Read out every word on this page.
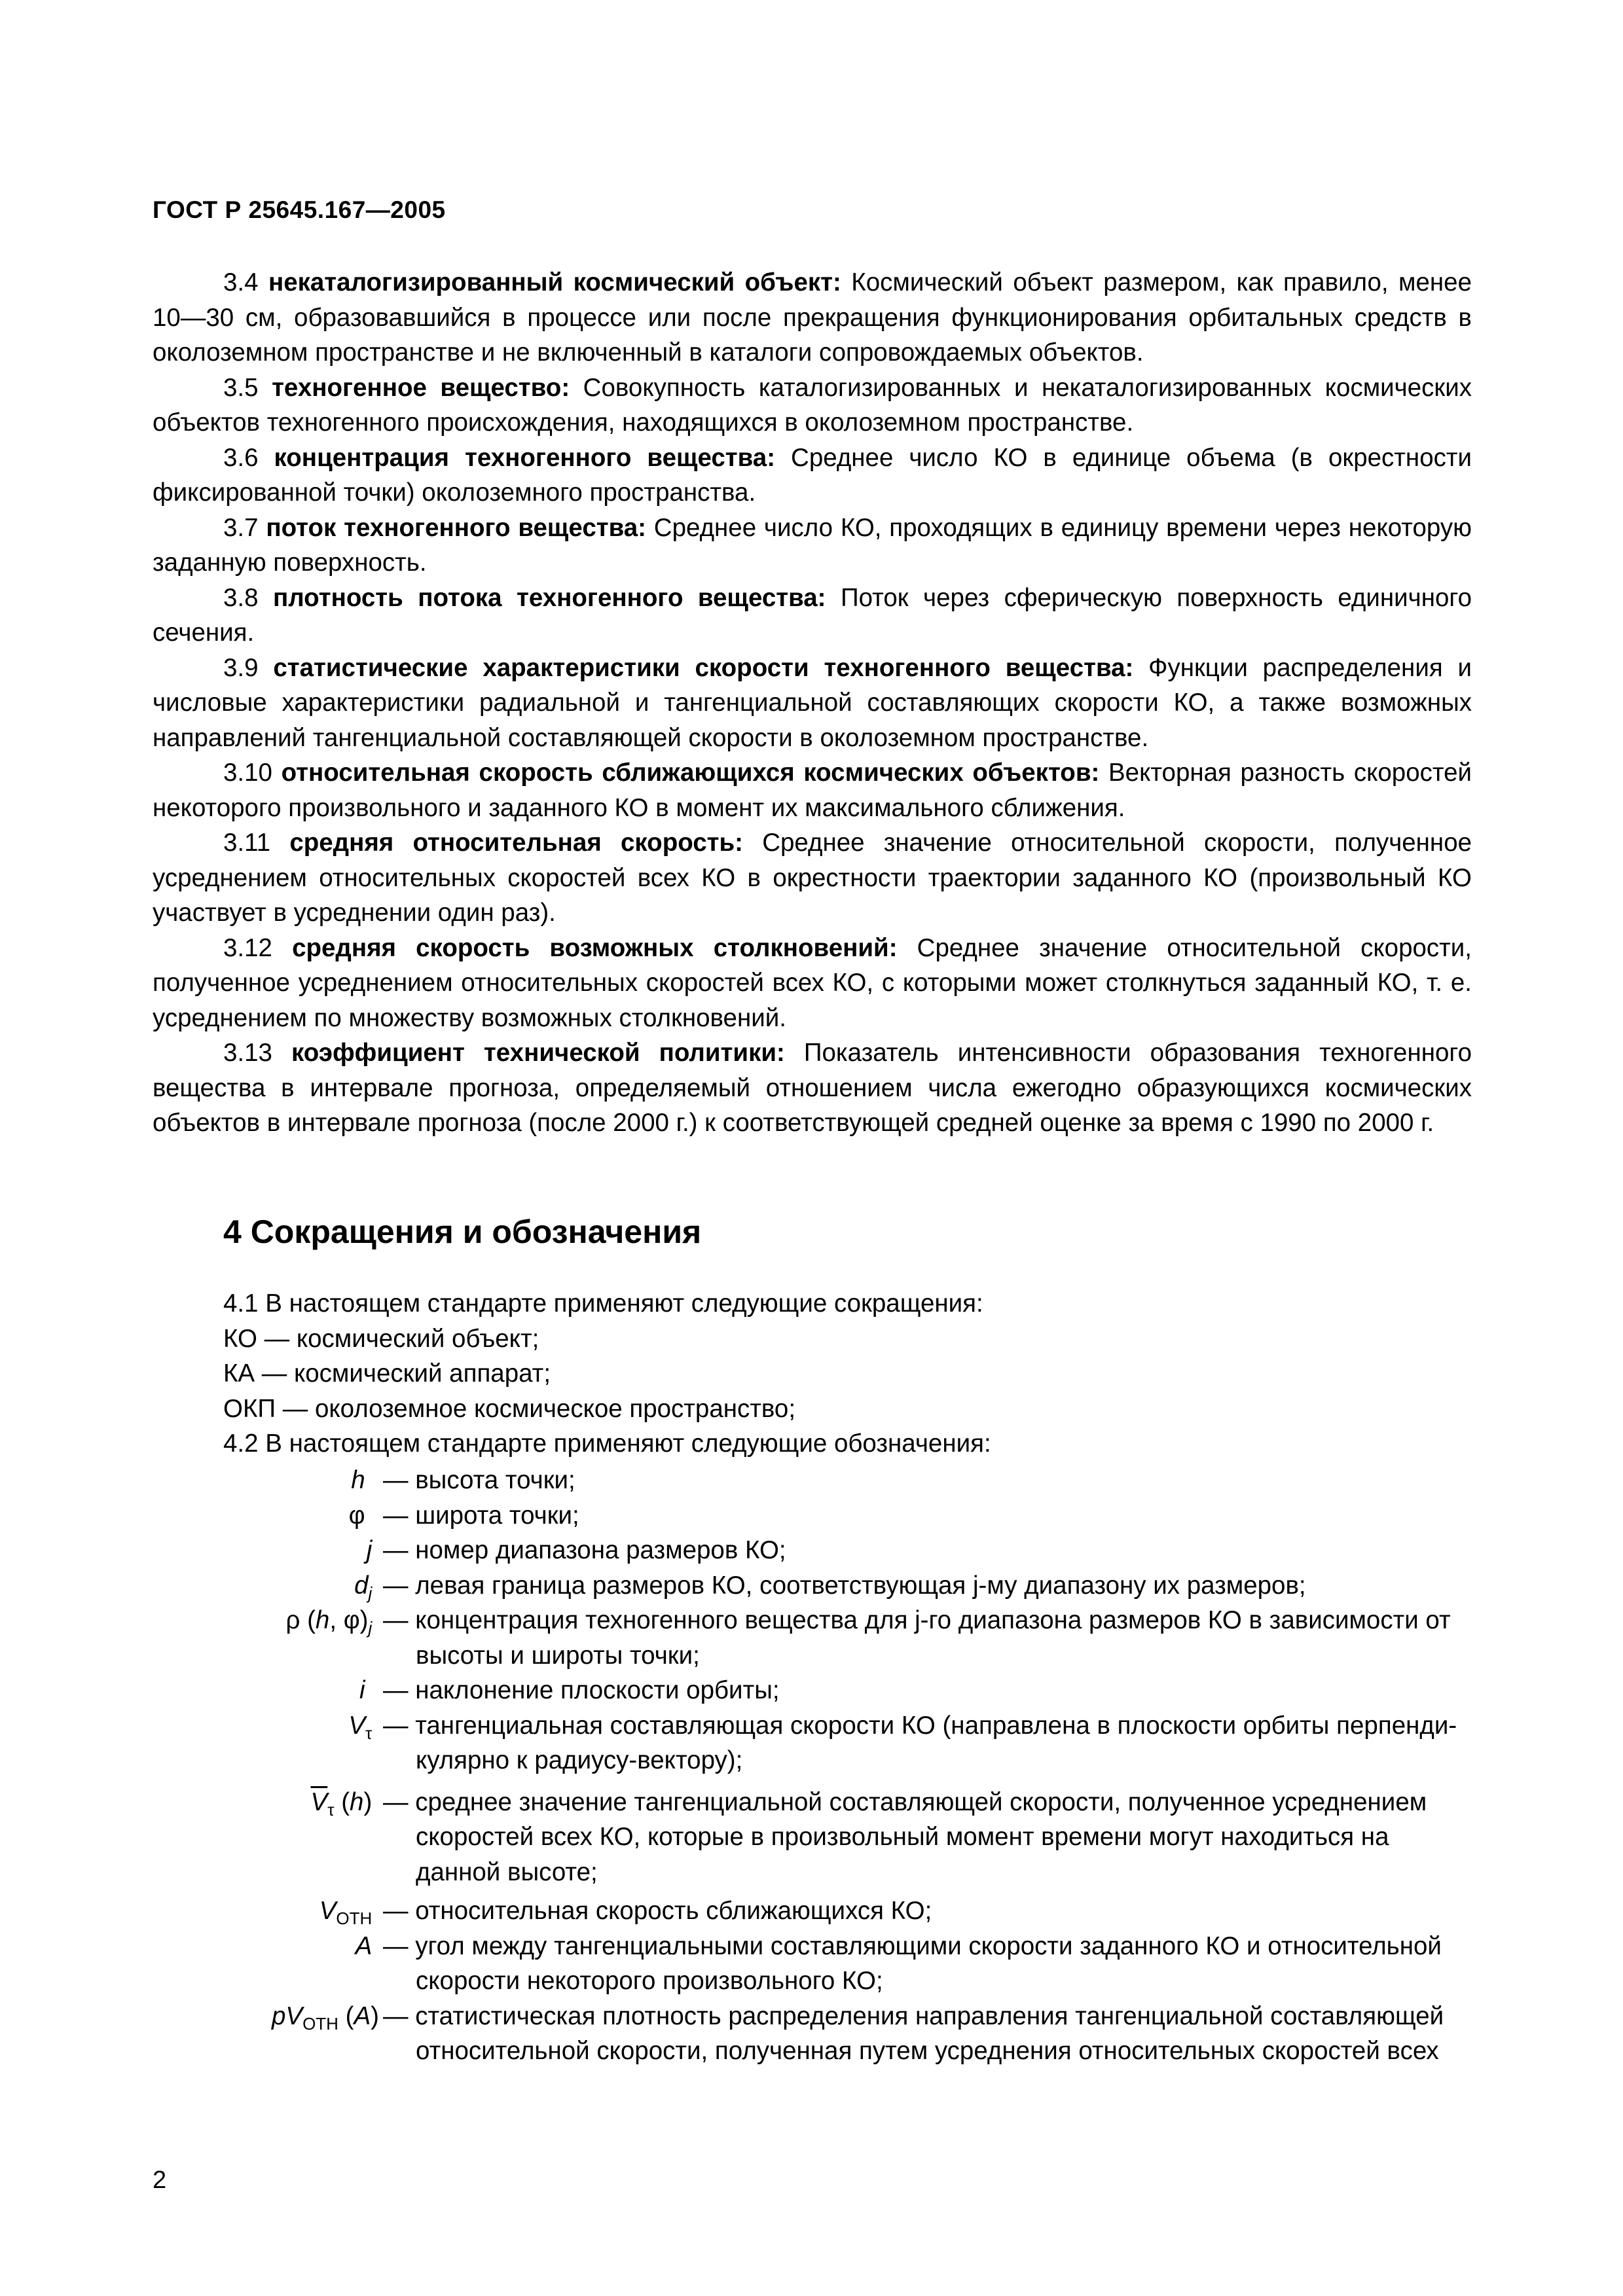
ГОСТ Р 25645.167—2005

3.4 некаталогизированный космический объект: Космический объект размером, как правило, менее 10—30 см, образовавшийся в процессе или после прекращения функционирования орбитальных средств в околоземном пространстве и не включенный в каталоги сопровождаемых объектов.

3.5 техногенное вещество: Совокупность каталогизированных и некаталогизированных космических объектов техногенного происхождения, находящихся в околоземном пространстве.

3.6 концентрация техногенного вещества: Среднее число КО в единице объема (в окрестности фиксированной точки) околоземного пространства.

3.7 поток техногенного вещества: Среднее число КО, проходящих в единицу времени через некоторую заданную поверхность.

3.8 плотность потока техногенного вещества: Поток через сферическую поверхность единичного сечения.

3.9 статистические характеристики скорости техногенного вещества: Функции распределения и числовые характеристики радиальной и тангенциальной составляющих скорости КО, а также возможных направлений тангенциальной составляющей скорости в околоземном пространстве.

3.10 относительная скорость сближающихся космических объектов: Векторная разность скоростей некоторого произвольного и заданного КО в момент их максимального сближения.

3.11 средняя относительная скорость: Среднее значение относительной скорости, полученное усреднением относительных скоростей всех КО в окрестности траектории заданного КО (произвольный КО участвует в усреднении один раз).

3.12 средняя скорость возможных столкновений: Среднее значение относительной скорости, полученное усреднением относительных скоростей всех КО, с которыми может столкнуться заданный КО, т. е. усреднением по множеству возможных столкновений.

3.13 коэффициент технической политики: Показатель интенсивности образования техногенного вещества в интервале прогноза, определяемый отношением числа ежегодно образующихся космических объектов в интервале прогноза (после 2000 г.) к соответствующей средней оценке за время с 1990 по 2000 г.

4 Сокращения и обозначения
4.1 В настоящем стандарте применяют следующие сокращения:
КО — космический объект;
КА — космический аппарат;
ОКП — околоземное космическое пространство;
4.2 В настоящем стандарте применяют следующие обозначения:
h — высота точки;
φ — широта точки;
j — номер диапазона размеров КО;
$d_j$ — левая граница размеров КО, соответствующая j-му диапазону их размеров;
ρ (h, $\varphi)_j$ — концентрация техногенного вещества для j-го диапазона размеров КО в зависимости от
высоты и широты точки;
i — наклонение плоскости орбиты;
$V_\tau$ — тангенциальная составляющая скорости КО (направлена в плоскости орбиты перпенди-
кулярно к радиусу-вектору);
$\overline{V}_\tau$ (h) — среднее значение тангенциальной составляющей скорости, полученное усреднением
скоростей всех КО, которые в произвольный момент времени могут находиться на данной высоте;
$V_{ОТН}$ — относительная скорость сближающихся КО;
A — угол между тангенциальными составляющими скорости заданного КО и относительной
скорости некоторого произвольного КО;
$pV_{ОТН}$ (A) — статистическая плотность распределения направления тангенциальной составляющей
относительной скорости, полученная путем усреднения относительных скоростей всех
2
